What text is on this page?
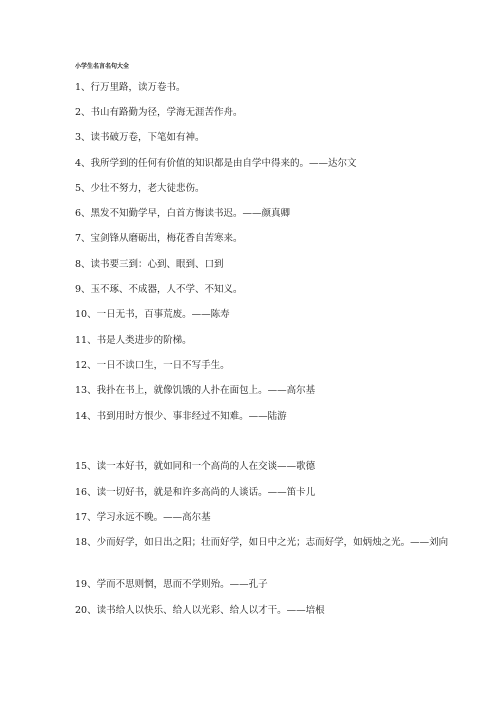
小学生名言名句大全
1、行万里路，读万卷书。
2、书山有路勤为径，学海无涯苦作舟。
3、读书破万卷，下笔如有神。
4、我所学到的任何有价值的知识都是由自学中得来的。——达尔文
5、少壮不努力，老大徒悲伤。
6、黑发不知勤学早，白首方悔读书迟。——颜真卿
7、宝剑锋从磨砺出，梅花香自苦寒来。
8、读书要三到：心到、眼到、口到
9、玉不琢、不成器，人不学、不知义。
10、一日无书，百事荒废。——陈寿
11、书是人类进步的阶梯。
12、一日不读口生，一日不写手生。
13、我扑在书上，就像饥饿的人扑在面包上。——高尔基
14、书到用时方恨少、事非经过不知难。——陆游
15、读一本好书，就如同和一个高尚的人在交谈——歌德
16、读一切好书，就是和许多高尚的人谈话。——笛卡儿
17、学习永远不晚。——高尔基
18、少而好学，如日出之阳；壮而好学，如日中之光；志而好学，如炳烛之光。——刘向
19、学而不思则惘，思而不学则殆。——孔子
20、读书给人以快乐、给人以光彩、给人以才干。——培根
